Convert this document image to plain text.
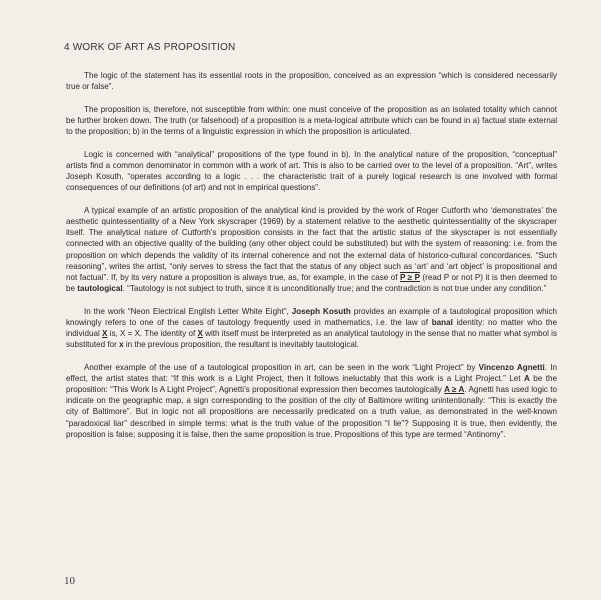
4 WORK OF ART AS PROPOSITION

The logic of the statement has its essential roots in the proposition, conceived as an expression “which is considered necessarily true or false”.

The proposition is, therefore, not susceptible from within: one must conceive of the proposition as an isolated totality which cannot be further broken down. The truth (or falsehood) of a proposition is a meta-logical attribute which can be found in a) factual state external to the proposition; b) in the terms of a linguistic expression in which the proposition is articulated.

Logic is concerned with “analytical” propositions of the type found in b). In the analytical nature of the proposition, “conceptual” artists find a common denominator in common with a work of art. This is also to be carried over to the level of a proposition. “Art”, writes Joseph Kosuth, “operates according to a logic . . . the characteristic trait of a purely logical research is one involved with formal consequences of our definitions (of art) and not in empirical questions”.

A typical example of an artistic proposition of the analytical kind is provided by the work of Roger Cutforth who ‘demonstrates’ the aesthetic quintessentiality of a New York skyscraper (1969) by a statement relative to the aesthetic quintessentiality of the skyscraper itself. The analytical nature of Cutforth’s proposition consists in the fact that the artistic status of the skyscraper is not essentially connected with an objective quality of the building (any other object could be substituted) but with the system of reasoning: i.e. from the proposition on which depends the validity of its internal coherence and not the external data of historico-cultural concordances. “Such reasoning”, writes the artist, “only serves to stress the fact that the status of any object such as ‘art’ and ‘art object’ is propositional and not factual”. If, by its very nature a proposition is always true, as, for example, in the case of P ≥ P (read P or not P) it is then deemed to be tautological. “Tautology is not subject to truth, since it is unconditionally true; and the contradiction is not true under any condition.”

In the work “Neon Electrical English Letter White Eight”, Joseph Kosuth provides an example of a tautological proposition which knowingly refers to one of the cases of tautology frequently used in mathematics, i.e. the law of banal identity: no matter who the individual X is, X = X. The identity of X with itself must be interpreted as an analytical tautology in the sense that no matter what symbol is substituted for x in the previous proposition, the resultant is inevitably tautological.

Another example of the use of a tautological proposition in art, can be seen in the work “Light Project” by Vincenzo Agnetti. In effect, the artist states that: “If this work is a Light Project, then it follows ineluctably that this work is a Light Project.” Let A be the proposition: “This Work Is A Light Project”, Agnetti’s propositional expression then becomes tautologically A ≥ A. Agnetti has used logic to indicate on the geographic map, a sign corresponding to the position of the city of Baltimore writing unintentionally: “This is exactly the city of Baltimore”. But in logic not all propositions are necessarily predicated on a truth value, as demonstrated in the well-known “paradoxical liar” described in simple terms: what is the truth value of the proposition “I lie”? Supposing it is true, then evidently, the proposition is false; supposing it is false, then the same proposition is true. Propositions of this type are termed “Antinomy”.

10
